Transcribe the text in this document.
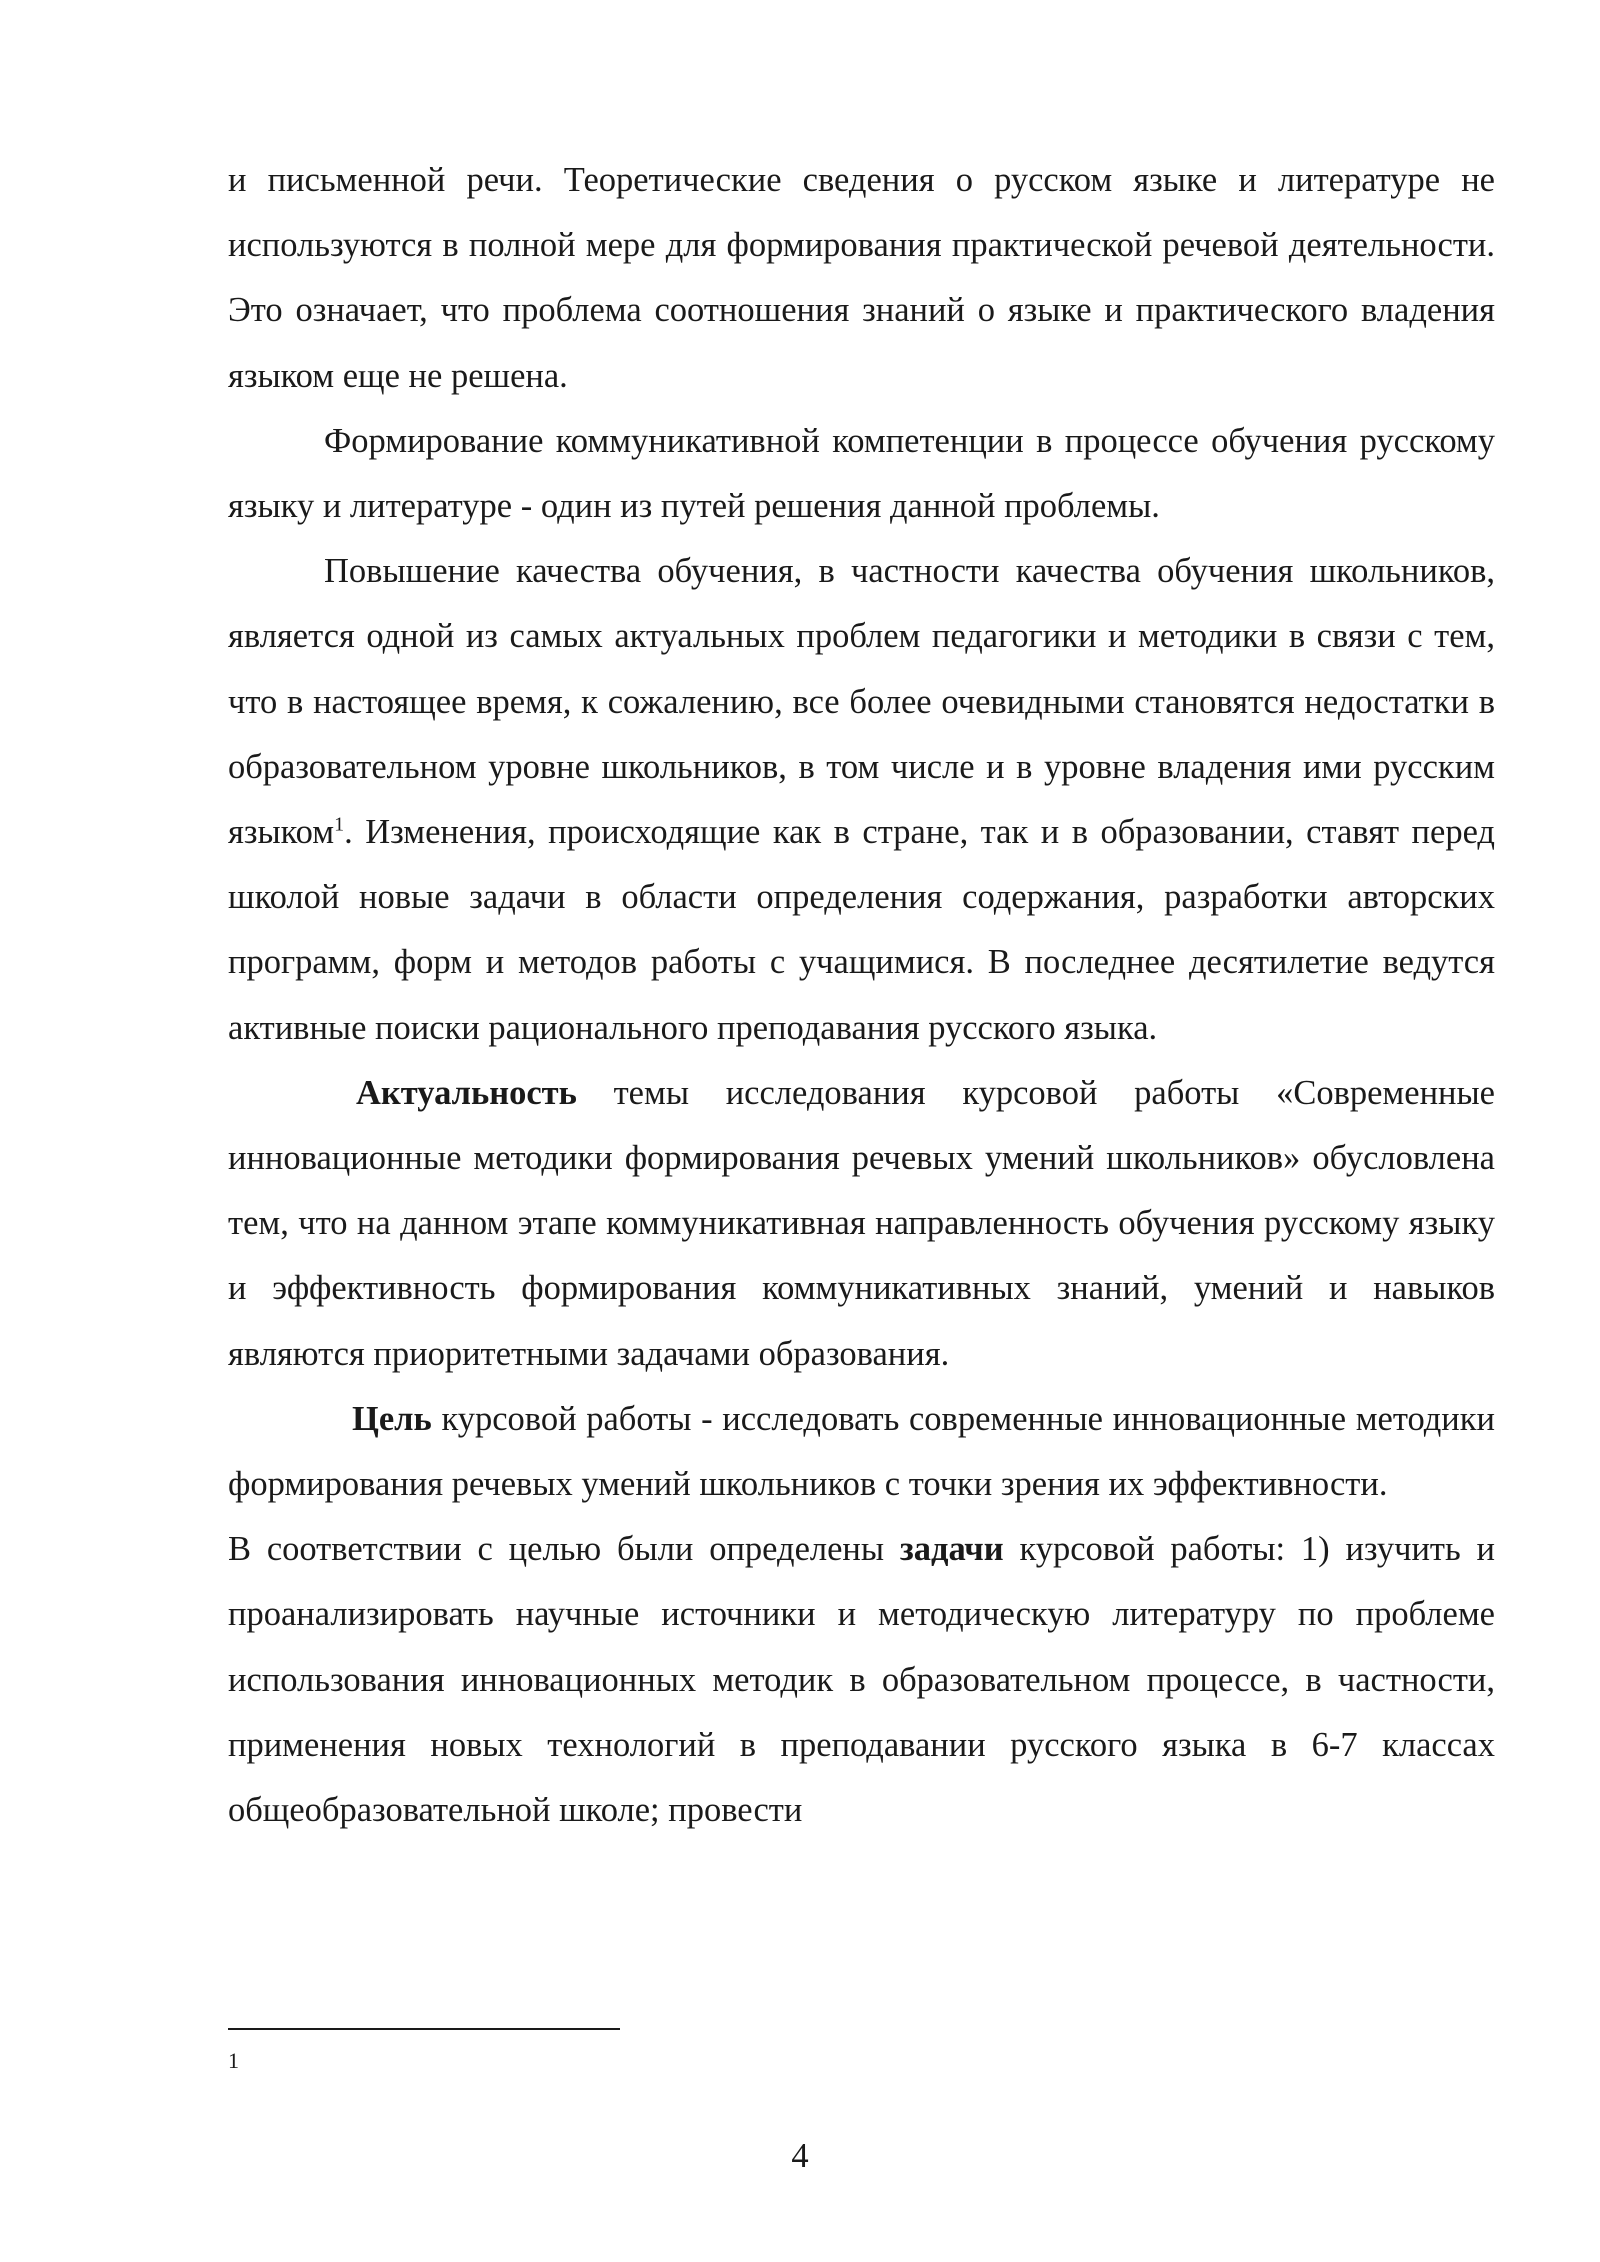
и письменной речи. Теоретические сведения о русском языке и литературе не используются в полной мере для формирования практической речевой деятельности. Это означает, что проблема соотношения знаний о языке и практического владения языком еще не решена.

Формирование коммуникативной компетенции в процессе обучения русскому языку и литературе - один из путей решения данной проблемы.

Повышение качества обучения, в частности качества обучения школьников, является одной из самых актуальных проблем педагогики и методики в связи с тем, что в настоящее время, к сожалению, все более очевидными становятся недостатки в образовательном уровне школьников, в том числе и в уровне владения ими русским языком$^1$. Изменения, происходящие как в стране, так и в образовании, ставят перед школой новые задачи в области определения содержания, разработки авторских программ, форм и методов работы с учащимися. В последнее десятилетие ведутся активные поиски рационального преподавания русского языка.

Актуальность темы исследования курсовой работы «Современные инновационные методики формирования речевых умений школьников» обусловлена тем, что на данном этапе коммуникативная направленность обучения русскому языку и эффективность формирования коммуникативных знаний, умений и навыков являются приоритетными задачами образования.

Цель курсовой работы - исследовать современные инновационные методики формирования речевых умений школьников с точки зрения их эффективности.

В соответствии с целью были определены задачи курсовой работы: 1) изучить и проанализировать научные источники и методическую литературу по проблеме использования инновационных методик в образовательном процессе, в частности, применения новых технологий в преподавании русского языка в 6-7 классах общеобразовательной школе; провести

1
4
